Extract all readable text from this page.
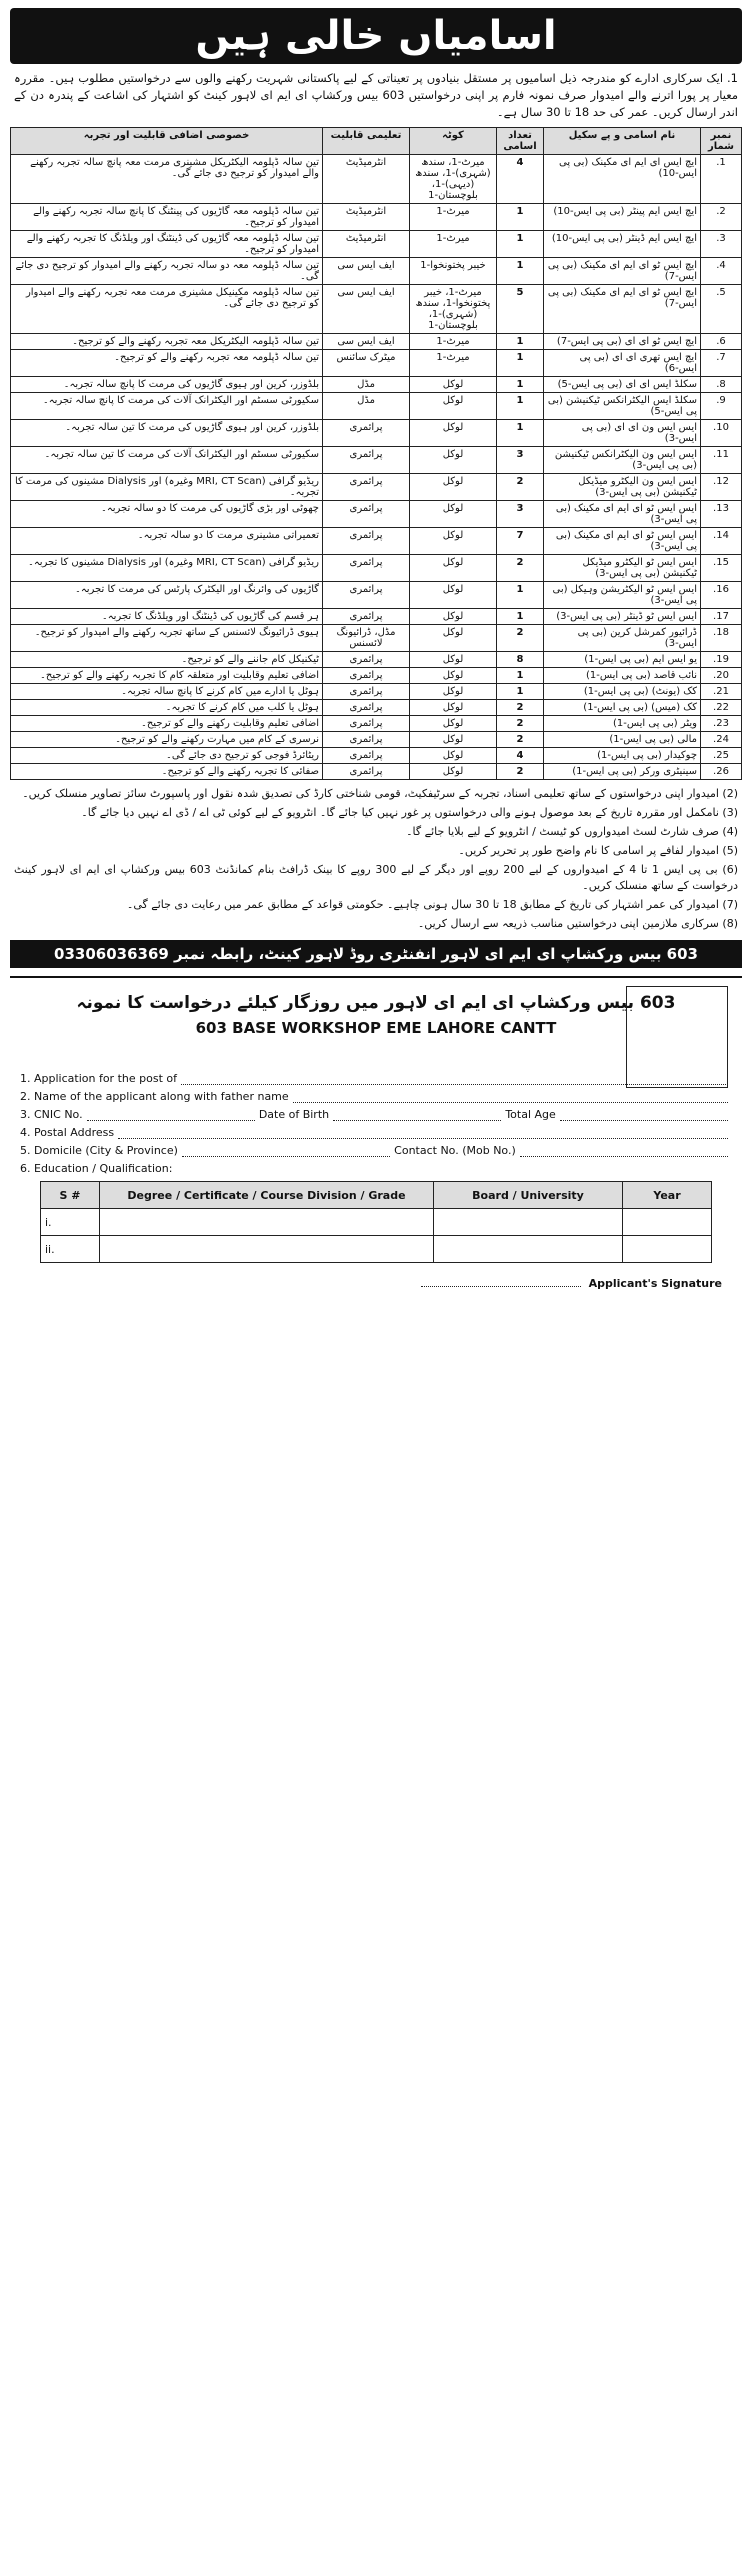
اسامیاں خالی ہیں
1. ایک سرکاری ادارے کو مندرجہ ذیل اسامیوں پر مستقل بنیادوں پر تعیناتی کے لیے پاکستانی شہریت رکھنے والوں سے درخواستیں مطلوب ہیں۔ مقررہ معیار پر پورا اترنے والے امیدوار صرف نمونہ فارم پر اپنی درخواستیں 603 بیس ورکشاپ ای ایم ای لاہور کینٹ کو اشتہار کی اشاعت کے پندرہ دن کے اندر ارسال کریں۔ عمر کی حد 18 تا 30 سال ہے۔
نمبر شمار	نام اسامی و پے سکیل	تعداد اسامی	کوٹہ	تعلیمی قابلیت	خصوصی اضافی قابلیت اور تجربہ
1.	ایچ ایس ای ایم ای مکینک (بی پی ایس-10)	4	میرٹ-1، سندھ (شہری)-1، سندھ (دیہی)-1، بلوچستان-1	انٹرمیڈیٹ	تین سالہ ڈپلومہ الیکٹریکل مشینری مرمت معہ پانچ سالہ تجربہ رکھنے والے امیدوار کو ترجیح دی جائے گی۔
2.	ایچ ایس ایم پینٹر (بی پی ایس-10)	1	میرٹ-1	انٹرمیڈیٹ	تین سالہ ڈپلومہ معہ گاڑیوں کی پینٹنگ کا پانچ سالہ تجربہ رکھنے والے امیدوار کو ترجیح۔
3.	ایچ ایس ایم ڈینٹر (بی پی ایس-10)	1	میرٹ-1	انٹرمیڈیٹ	تین سالہ ڈپلومہ معہ گاڑیوں کی ڈینٹنگ اور ویلڈنگ کا تجربہ رکھنے والے امیدوار کو ترجیح۔
4.	ایچ ایس ٹو ای ایم ای مکینک (بی پی ایس-7)	1	خیبر پختونخوا-1	ایف ایس سی	تین سالہ ڈپلومہ معہ دو سالہ تجربہ رکھنے والے امیدوار کو ترجیح دی جائے گی۔
5.	ایچ ایس ٹو ای ایم ای مکینک (بی پی ایس-7)	5	میرٹ-1، خیبر پختونخوا-1، سندھ (شہری)-1، بلوچستان-1	ایف ایس سی	تین سالہ ڈپلومہ مکینیکل مشینری مرمت معہ تجربہ رکھنے والے امیدوار کو ترجیح دی جائے گی۔
6.	ایچ ایس ٹو ای ای (بی پی ایس-7)	1	میرٹ-1	ایف ایس سی	تین سالہ ڈپلومہ الیکٹریکل معہ تجربہ رکھنے والے کو ترجیح۔
7.	ایچ ایس تھری ای ای (بی پی ایس-6)	1	میرٹ-1	میٹرک سائنس	تین سالہ ڈپلومہ معہ تجربہ رکھنے والے کو ترجیح۔
8.	سکلڈ ایس ای ای (بی پی ایس-5)	1	لوکل	مڈل	بلڈوزر، کرین اور ہیوی گاڑیوں کی مرمت کا پانچ سالہ تجربہ۔
9.	سکلڈ ایس الیکٹرانکس ٹیکنیشن (بی پی ایس-5)	1	لوکل	مڈل	سکیورٹی سسٹم اور الیکٹرانک آلات کی مرمت کا پانچ سالہ تجربہ۔
10.	ایس ایس ون ای ای (بی پی ایس-3)	1	لوکل	پرائمری	بلڈوزر، کرین اور ہیوی گاڑیوں کی مرمت کا تین سالہ تجربہ۔
11.	ایس ایس ون الیکٹرانکس ٹیکنیشن (بی پی ایس-3)	3	لوکل	پرائمری	سکیورٹی سسٹم اور الیکٹرانک آلات کی مرمت کا تین سالہ تجربہ۔
12.	ایس ایس ون الیکٹرو میڈیکل ٹیکنیشن (بی پی ایس-3)	2	لوکل	پرائمری	ریڈیو گرافی (MRI, CT Scan وغیرہ) اور Dialysis مشینوں کی مرمت کا تجربہ۔
13.	ایس ایس ٹو ای ایم ای مکینک (بی پی ایس-3)	3	لوکل	پرائمری	چھوٹی اور بڑی گاڑیوں کی مرمت کا دو سالہ تجربہ۔
14.	ایس ایس ٹو ای ایم ای مکینک (بی پی ایس-3)	7	لوکل	پرائمری	تعمیراتی مشینری مرمت کا دو سالہ تجربہ۔
15.	ایس ایس ٹو الیکٹرو میڈیکل ٹیکنیشن (بی پی ایس-3)	2	لوکل	پرائمری	ریڈیو گرافی (MRI, CT Scan وغیرہ) اور Dialysis مشینوں کا تجربہ۔
16.	ایس ایس ٹو الیکٹریشن وہیکل (بی پی ایس-3)	1	لوکل	پرائمری	گاڑیوں کی وائرنگ اور الیکٹرک پارٹس کی مرمت کا تجربہ۔
17.	ایس ایس ٹو ڈینٹر (بی پی ایس-3)	1	لوکل	پرائمری	ہر قسم کی گاڑیوں کی ڈینٹنگ اور ویلڈنگ کا تجربہ۔
18.	ڈرائیور کمرشل کرین (بی پی ایس-3)	2	لوکل	مڈل، ڈرائیونگ لائسنس	ہیوی ڈرائیونگ لائسنس کے ساتھ تجربہ رکھنے والے امیدوار کو ترجیح۔
19.	یو ایس ایم (بی پی ایس-1)	8	لوکل	پرائمری	ٹیکنیکل کام جاننے والے کو ترجیح۔
20.	نائب قاصد (بی پی ایس-1)	1	لوکل	پرائمری	اضافی تعلیم وقابلیت اور متعلقہ کام کا تجربہ رکھنے والے کو ترجیح۔
21.	کک (یونٹ) (بی پی ایس-1)	1	لوکل	پرائمری	ہوٹل یا ادارے میں کام کرنے کا پانچ سالہ تجربہ۔
22.	کک (میس) (بی پی ایس-1)	2	لوکل	پرائمری	ہوٹل یا کلب میں کام کرنے کا تجربہ۔
23.	ویٹر (بی پی ایس-1)	2	لوکل	پرائمری	اضافی تعلیم وقابلیت رکھنے والے کو ترجیح۔
24.	مالی (بی پی ایس-1)	2	لوکل	پرائمری	نرسری کے کام میں مہارت رکھنے والے کو ترجیح۔
25.	چوکیدار (بی پی ایس-1)	4	لوکل	پرائمری	ریٹائرڈ فوجی کو ترجیح دی جائے گی۔
26.	سینیٹری ورکر (بی پی ایس-1)	2	لوکل	پرائمری	صفائی کا تجربہ رکھنے والے کو ترجیح۔
(2) امیدوار اپنی درخواستوں کے ساتھ تعلیمی اسناد، تجربہ کے سرٹیفکیٹ، قومی شناختی کارڈ کی تصدیق شدہ نقول اور پاسپورٹ سائز تصاویر منسلک کریں۔
(3) نامکمل اور مقررہ تاریخ کے بعد موصول ہونے والی درخواستوں پر غور نہیں کیا جائے گا۔ انٹرویو کے لیے کوئی ٹی اے / ڈی اے نہیں دیا جائے گا۔
(4) صرف شارٹ لسٹ امیدواروں کو ٹیسٹ / انٹرویو کے لیے بلایا جائے گا۔
(5) امیدوار لفافے پر اسامی کا نام واضح طور پر تحریر کریں۔
(6) بی پی ایس 1 تا 4 کے امیدواروں کے لیے 200 روپے اور دیگر کے لیے 300 روپے کا بینک ڈرافٹ بنام کمانڈنٹ 603 بیس ورکشاپ ای ایم ای لاہور کینٹ درخواست کے ساتھ منسلک کریں۔
(7) امیدوار کی عمر اشتہار کی تاریخ کے مطابق 18 تا 30 سال ہونی چاہیے۔ حکومتی قواعد کے مطابق عمر میں رعایت دی جائے گی۔
(8) سرکاری ملازمین اپنی درخواستیں مناسب ذریعہ سے ارسال کریں۔
603 بیس ورکشاپ ای ایم ای لاہور انفنٹری روڈ لاہور کینٹ، رابطہ نمبر 03306036369
603 بیس ورکشاپ ای ایم ای لاہور میں روزگار کیلئے درخواست کا نمونہ
603 BASE WORKSHOP EME LAHORE CANTT
1. Application for the post of
2. Name of the applicant along with father name
3. CNIC No.	Date of Birth	Total Age
4. Postal Address
5. Domicile (City & Province)	Contact No. (Mob No.)
6. Education / Qualification:
S #	Degree / Certificate / Course Division / Grade	Board / University	Year
i.			
ii.			
Applicant's Signature
